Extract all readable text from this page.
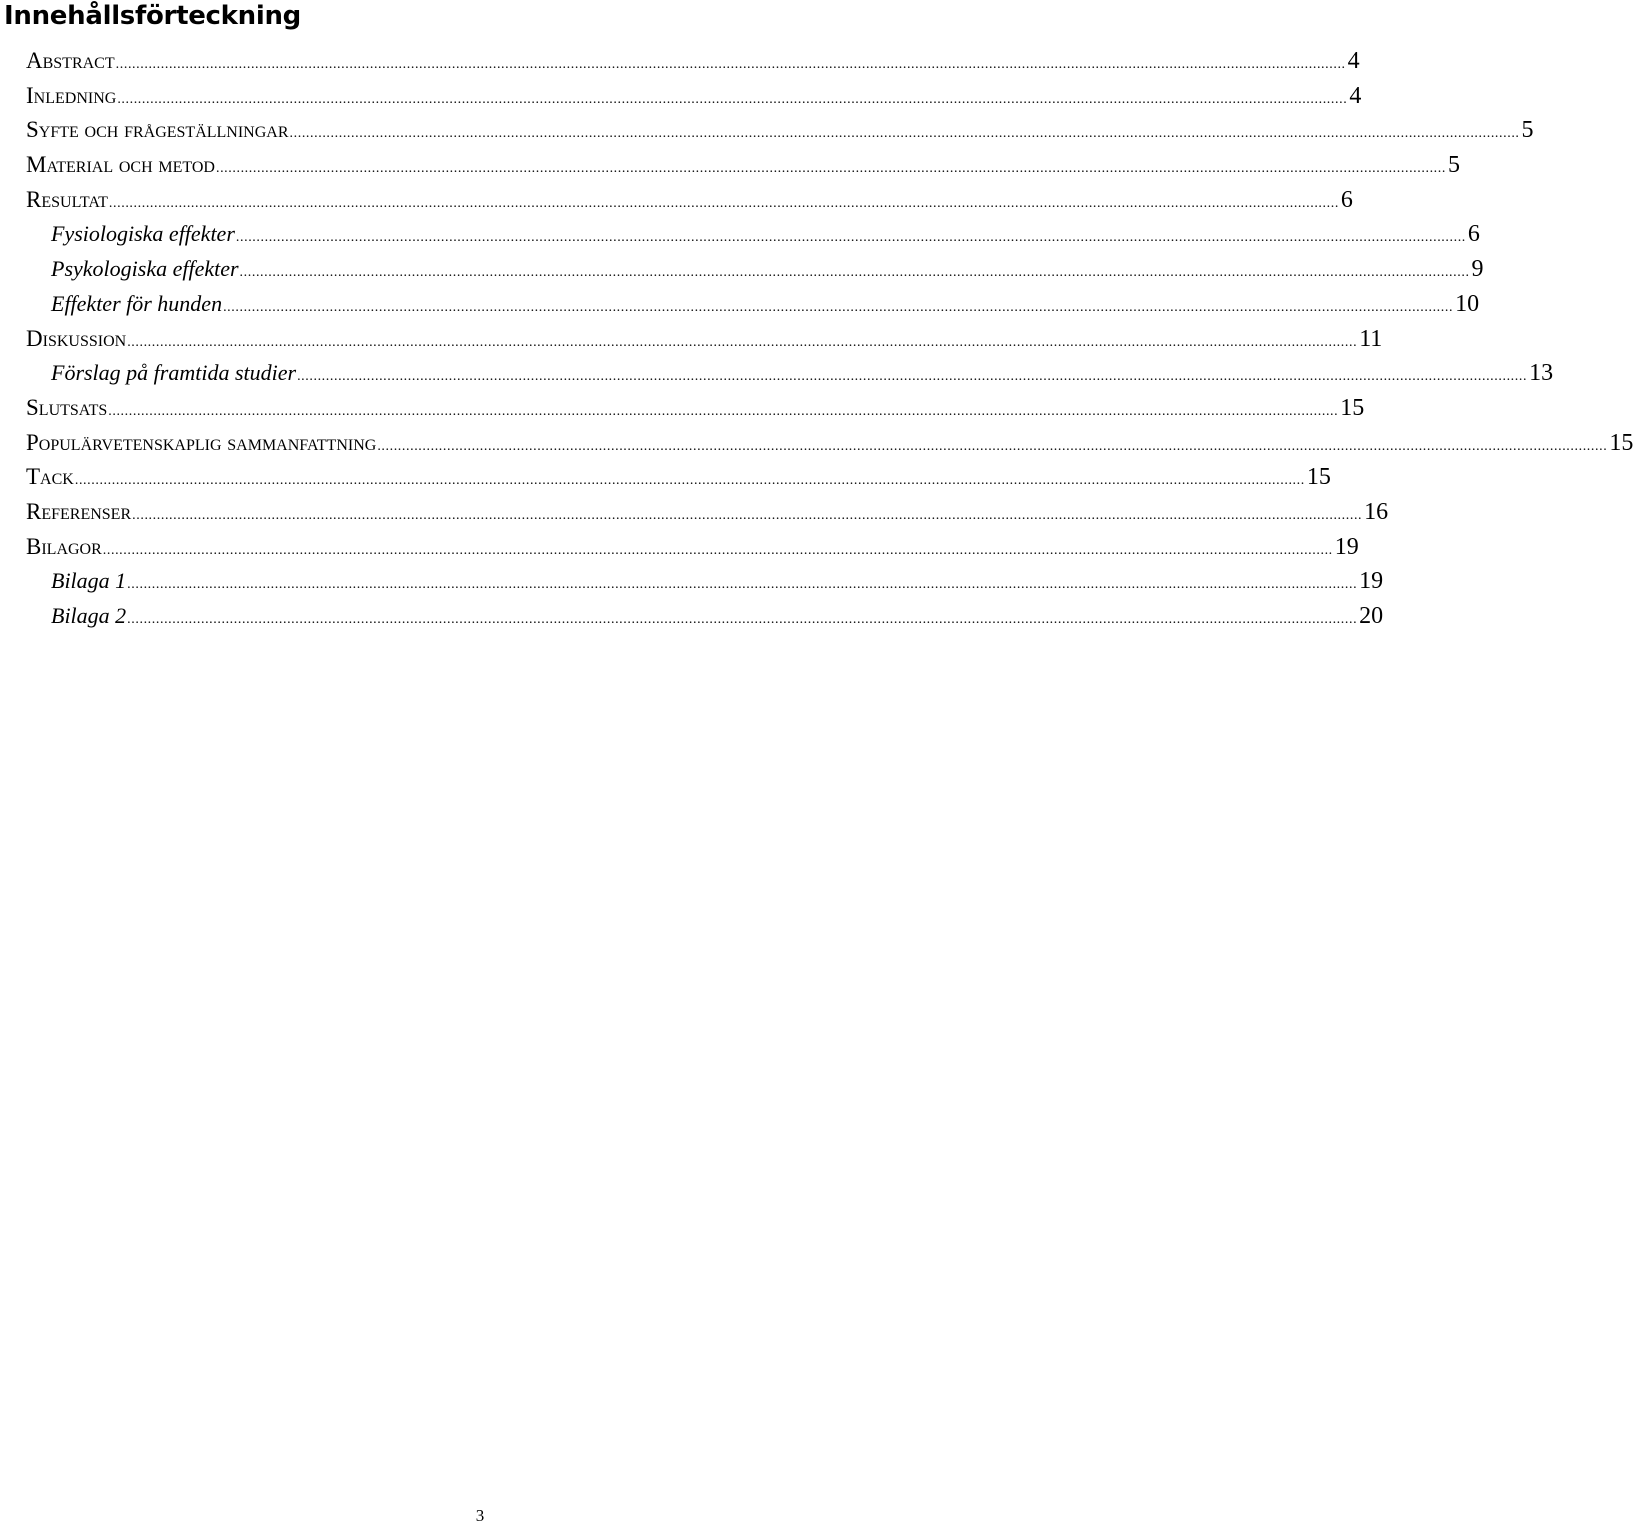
Innehållsförteckning
Abstract ............................................................................................................................................................................................................................................................................................................ 4
Inledning ............................................................................................................................................................................................................................................................................................................ 4
Syfte och frågeställningar ............................................................................................................................................................................................................................................................................................................ 5
Material och metod ............................................................................................................................................................................................................................................................................................................ 5
Resultat ............................................................................................................................................................................................................................................................................................................ 6
Fysiologiska effekter ............................................................................................................................................................................................................................................................................................................ 6
Psykologiska effekter ............................................................................................................................................................................................................................................................................................................ 9
Effekter för hunden ............................................................................................................................................................................................................................................................................................................ 10
Diskussion ............................................................................................................................................................................................................................................................................................................ 11
Förslag på framtida studier ............................................................................................................................................................................................................................................................................................................ 13
Slutsats ............................................................................................................................................................................................................................................................................................................ 15
Populärvetenskaplig sammanfattning ............................................................................................................................................................................................................................................................................................................ 15
Tack ............................................................................................................................................................................................................................................................................................................ 15
Referenser ............................................................................................................................................................................................................................................................................................................ 16
Bilagor ............................................................................................................................................................................................................................................................................................................ 19
Bilaga 1 ............................................................................................................................................................................................................................................................................................................ 19
Bilaga 2 ............................................................................................................................................................................................................................................................................................................ 20
3
